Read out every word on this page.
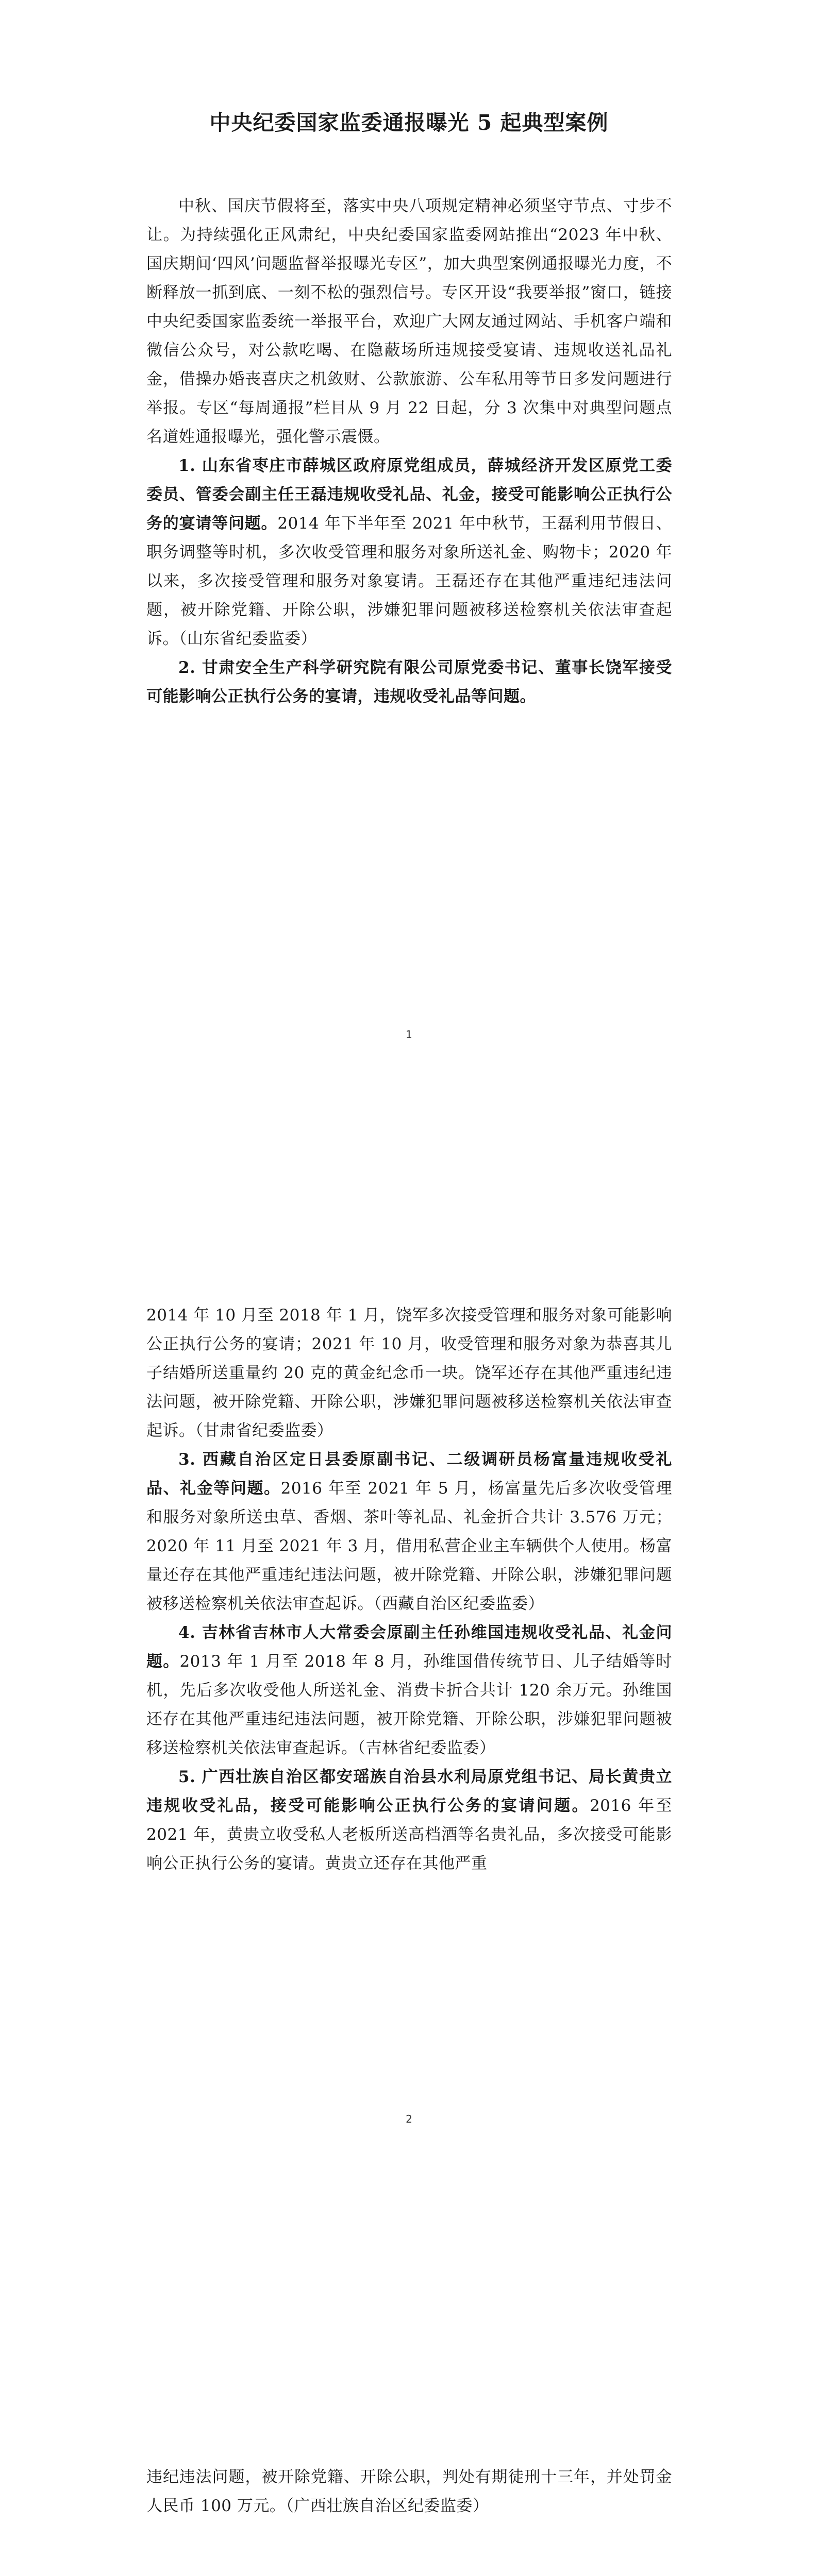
中央纪委国家监委通报曝光 5 起典型案例

中秋、国庆节假将至，落实中央八项规定精神必须坚守节点、寸步不让。为持续强化正风肃纪，中央纪委国家监委网站推出“2023 年中秋、国庆期间‘四风’问题监督举报曝光专区”，加大典型案例通报曝光力度，不断释放一抓到底、一刻不松的强烈信号。专区开设“我要举报”窗口，链接中央纪委国家监委统一举报平台，欢迎广大网友通过网站、手机客户端和微信公众号，对公款吃喝、在隐蔽场所违规接受宴请、违规收送礼品礼金，借操办婚丧喜庆之机敛财、公款旅游、公车私用等节日多发问题进行举报。专区“每周通报”栏目从 9 月 22 日起，分 3 次集中对典型问题点名道姓通报曝光，强化警示震慑。

1. 山东省枣庄市薛城区政府原党组成员，薛城经济开发区原党工委委员、管委会副主任王磊违规收受礼品、礼金，接受可能影响公正执行公务的宴请等问题。2014 年下半年至 2021 年中秋节，王磊利用节假日、职务调整等时机，多次收受管理和服务对象所送礼金、购物卡；2020 年以来，多次接受管理和服务对象宴请。王磊还存在其他严重违纪违法问题，被开除党籍、开除公职，涉嫌犯罪问题被移送检察机关依法审查起诉。（山东省纪委监委）

2. 甘肃安全生产科学研究院有限公司原党委书记、董事长饶军接受可能影响公正执行公务的宴请，违规收受礼品等问题。

1

2014 年 10 月至 2018 年 1 月，饶军多次接受管理和服务对象可能影响公正执行公务的宴请；2021 年 10 月，收受管理和服务对象为恭喜其儿子结婚所送重量约 20 克的黄金纪念币一块。饶军还存在其他严重违纪违法问题，被开除党籍、开除公职，涉嫌犯罪问题被移送检察机关依法审查起诉。（甘肃省纪委监委）

3. 西藏自治区定日县委原副书记、二级调研员杨富量违规收受礼品、礼金等问题。2016 年至 2021 年 5 月，杨富量先后多次收受管理和服务对象所送虫草、香烟、茶叶等礼品、礼金折合共计 3.576 万元；2020 年 11 月至 2021 年 3 月，借用私营企业主车辆供个人使用。杨富量还存在其他严重违纪违法问题，被开除党籍、开除公职，涉嫌犯罪问题被移送检察机关依法审查起诉。（西藏自治区纪委监委）

4. 吉林省吉林市人大常委会原副主任孙维国违规收受礼品、礼金问题。2013 年 1 月至 2018 年 8 月，孙维国借传统节日、儿子结婚等时机，先后多次收受他人所送礼金、消费卡折合共计 120 余万元。孙维国还存在其他严重违纪违法问题，被开除党籍、开除公职，涉嫌犯罪问题被移送检察机关依法审查起诉。（吉林省纪委监委）

5. 广西壮族自治区都安瑶族自治县水利局原党组书记、局长黄贵立违规收受礼品，接受可能影响公正执行公务的宴请问题。2016 年至 2021 年，黄贵立收受私人老板所送高档酒等名贵礼品，多次接受可能影响公正执行公务的宴请。黄贵立还存在其他严重

2

违纪违法问题，被开除党籍、开除公职，判处有期徒刑十三年，并处罚金人民币 100 万元。（广西壮族自治区纪委监委）
